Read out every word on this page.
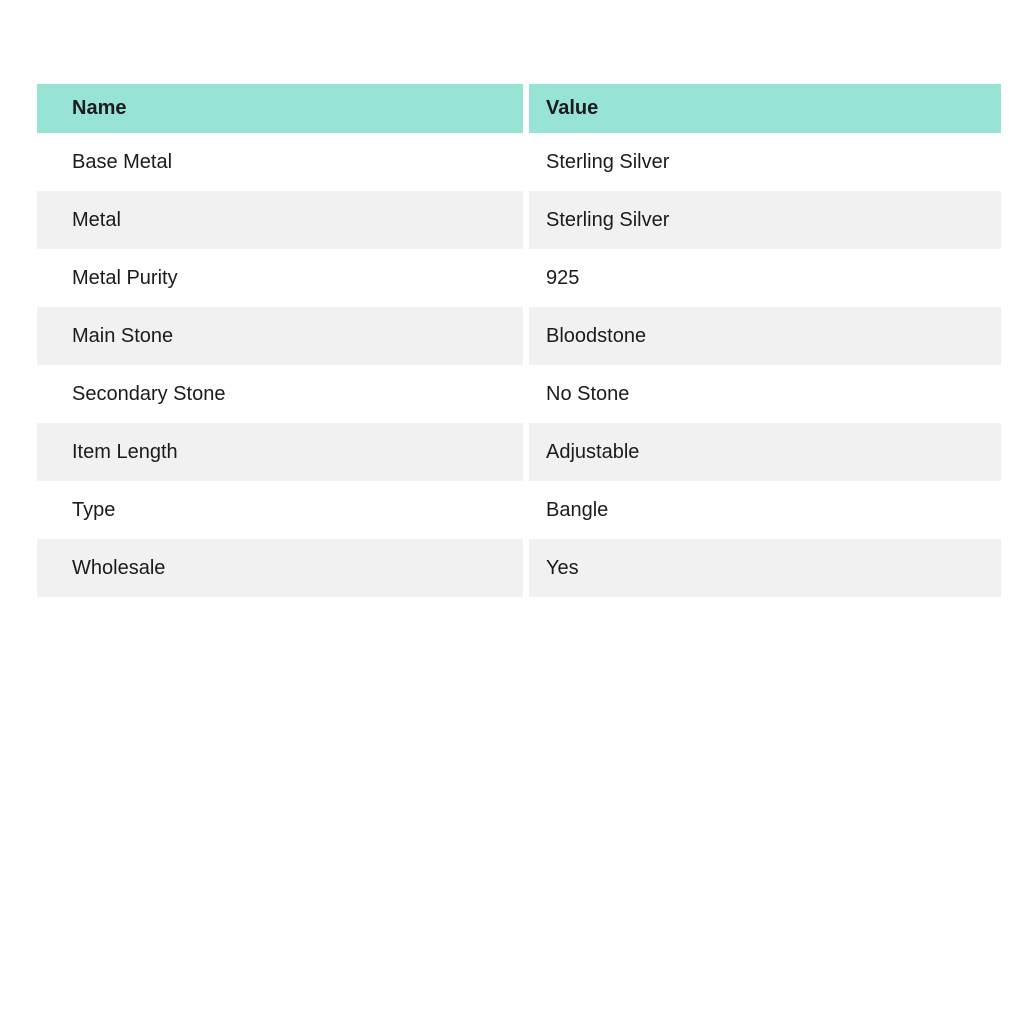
Name	Value
Base Metal	Sterling Silver
Metal	Sterling Silver
Metal Purity	925
Main Stone	Bloodstone
Secondary Stone	No Stone
Item Length	Adjustable
Type	Bangle
Wholesale	Yes
